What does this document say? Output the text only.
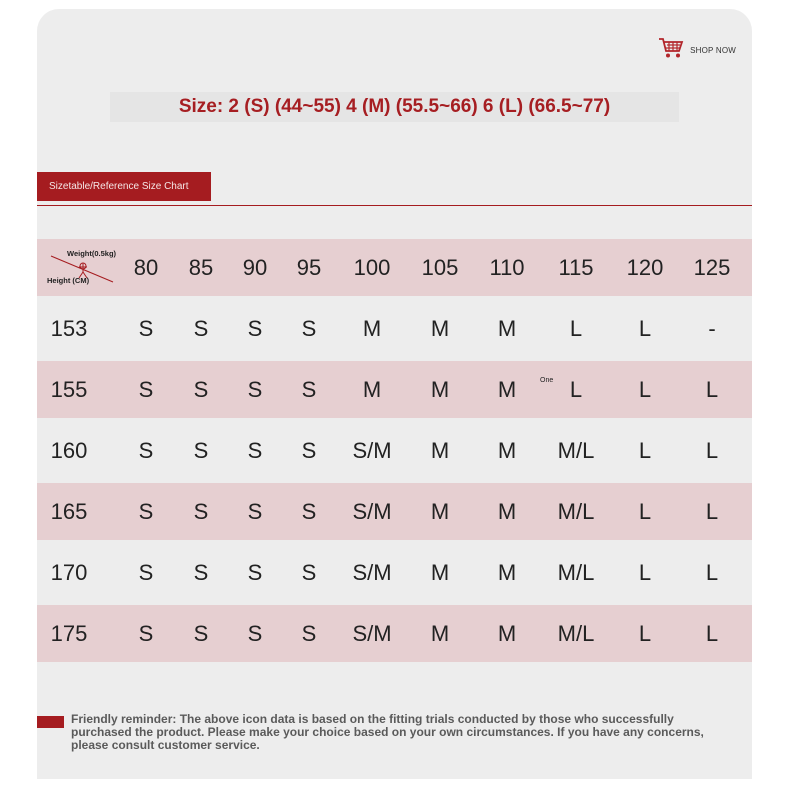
SHOP NOW
Size: 2 (S) (44~55) 4 (M) (55.5~66) 6 (L) (66.5~77)
Sizetable/Reference Size Chart
Weight(0.5kg)
Height (CM)
80 85 90 95 100 105 110 115 120 125
153 S S S S M M M L	L	-
155 S S S S M M M L	L L
One
160 S S S S S/M M M M/L L L
165 S S S S S/M M M M/L L L
170 S S S S S/M M M M/L L L
175 S S S S S/M M M M/L L L
Friendly reminder: The above icon data is based on the fitting trials conducted by those who successfully purchased the product. Please make your choice based on your own circumstances. If you have any concerns, please consult customer service.
